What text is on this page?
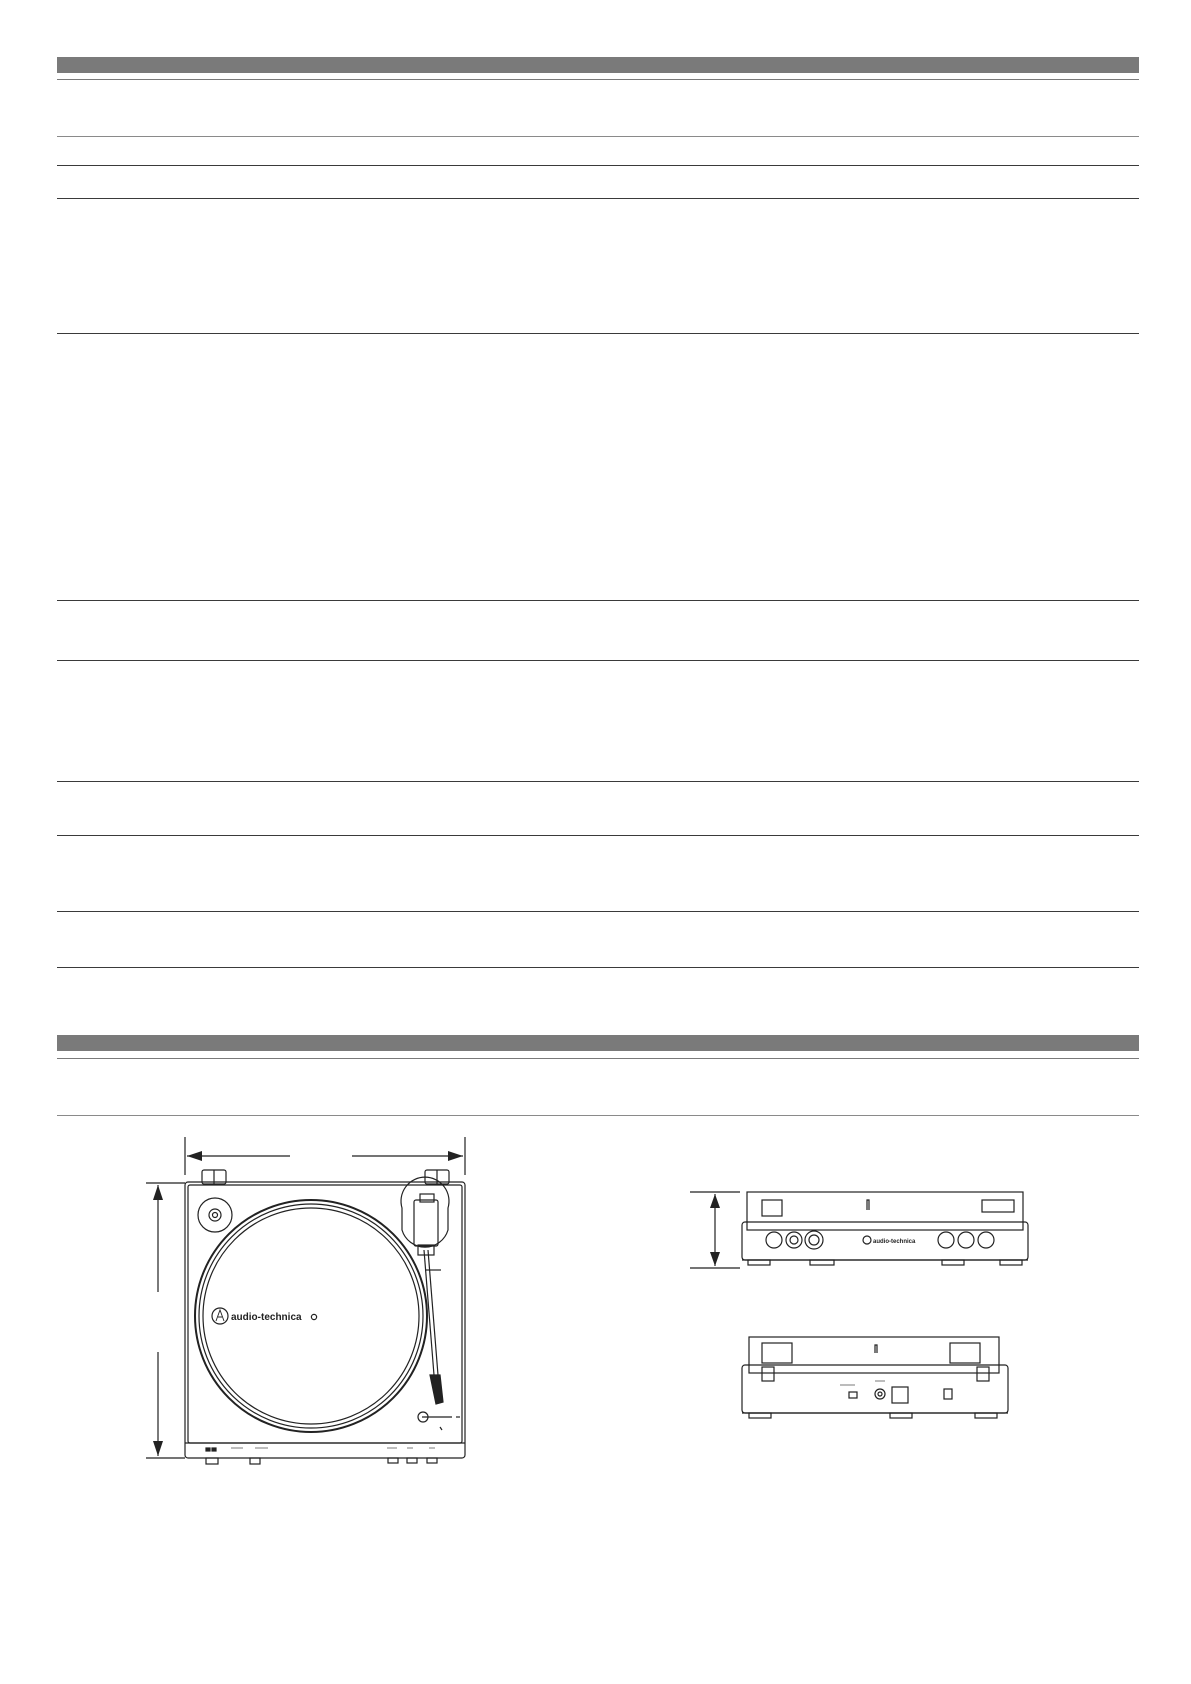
audio-technica
audio-technica
